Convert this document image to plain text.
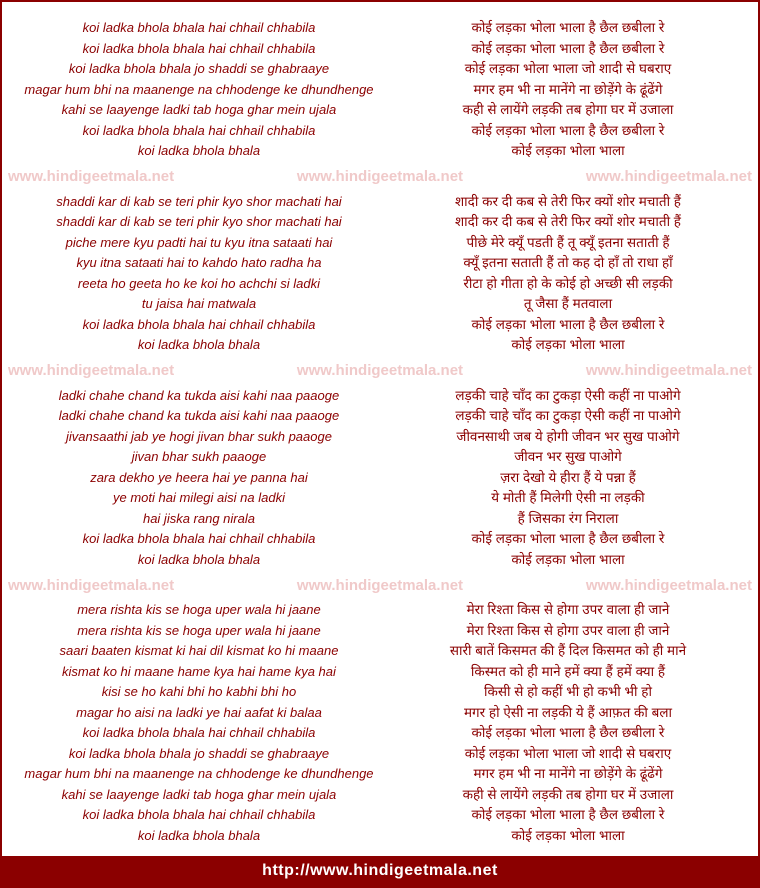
koi ladka bhola bhala hai chhail chhabila	कोई लड़का भोला भाला है छैल छबीला रे
koi ladka bhola bhala hai chhail chhabila	कोई लड़का भोला भाला है छैल छबीला रे
koi ladka bhola bhala jo shaddi se ghabraaye	कोई लड़का भोला भाला जो शादी से घबराए
magar hum bhi na maanenge na chhodenge ke dhundhenge	मगर हम भी ना मानेंगे ना छोड़ेंगे के ढूंढेंगे
kahi se laayenge ladki tab hoga ghar mein ujala	कही से लायेंगे लड़की तब होगा घर में उजाला
koi ladka bhola bhala hai chhail chhabila	कोई लड़का भोला भाला है छैल छबीला रे
koi ladka bhola bhala	कोई लड़का भोला भाला
www.hindigeetmala.net	www.hindigeetmala.net	www.hindigeetmala.net
shaddi kar di kab se teri phir kyo shor machati hai	शादी कर दी कब से तेरी फिर क्यों शोर मचाती हैं
shaddi kar di kab se teri phir kyo shor machati hai	शादी कर दी कब से तेरी फिर क्यों शोर मचाती हैं
piche mere kyu padti hai tu kyu itna sataati hai	पीछे मेरे क्यूँ पडती हैं तू क्यूँ इतना सताती हैं
kyu itna sataati hai to kahdo hato radha ha	क्यूँ इतना सताती हैं तो कह दो हाँ तो राधा हाँ
reeta ho geeta ho ke koi ho achchi si ladki	रीटा हो गीता हो के कोई हो अच्छी सी लड़की
tu jaisa hai matwala	तू जैसा हैं मतवाला
koi ladka bhola bhala hai chhail chhabila	कोई लड़का भोला भाला है छैल छबीला रे
koi ladka bhola bhala	कोई लड़का भोला भाला
www.hindigeetmala.net	www.hindigeetmala.net	www.hindigeetmala.net
ladki chahe chand ka tukda aisi kahi naa paaoge	लड़की चाहे चाँद का टुकड़ा ऐसी कहीं ना पाओगे
ladki chahe chand ka tukda aisi kahi naa paaoge	लड़की चाहे चाँद का टुकड़ा ऐसी कहीं ना पाओगे
jivansaathi jab ye hogi jivan bhar sukh paaoge	जीवनसाथी जब ये होगी जीवन भर सुख पाओगे
jivan bhar sukh paaoge	जीवन भर सुख पाओगे
zara dekho ye heera hai ye panna hai	ज़रा देखो ये हीरा हैं ये पन्ना हैं
ye moti hai milegi aisi na ladki	ये मोती हैं मिलेगी ऐसी ना लड़की
hai jiska rang nirala	हैं जिसका रंग निराला
koi ladka bhola bhala hai chhail chhabila	कोई लड़का भोला भाला है छैल छबीला रे
koi ladka bhola bhala	कोई लड़का भोला भाला
www.hindigeetmala.net	www.hindigeetmala.net	www.hindigeetmala.net
mera rishta kis se hoga uper wala hi jaane	मेरा रिश्ता किस से होगा उपर वाला ही जाने
mera rishta kis se hoga uper wala hi jaane	मेरा रिश्ता किस से होगा उपर वाला ही जाने
saari baaten kismat ki hai dil kismat ko hi maane	सारी बातें किसमत की हैं दिल किसमत को ही माने
kismat ko hi maane hame kya hai hame kya hai	किस्मत को ही माने हमें क्या हैं हमें क्या हैं
kisi se ho kahi bhi ho kabhi bhi ho	किसी से हो कहीं भी हो कभी भी हो
magar ho aisi na ladki ye hai aafat ki balaa	मगर हो ऐसी ना लड़की ये हैं आफ़त की बला
koi ladka bhola bhala hai chhail chhabila	कोई लड़का भोला भाला है छैल छबीला रे
koi ladka bhola bhala jo shaddi se ghabraaye	कोई लड़का भोला भाला जो शादी से घबराए
magar hum bhi na maanenge na chhodenge ke dhundhenge	मगर हम भी ना मानेंगे ना छोड़ेंगे के ढूंढेंगे
kahi se laayenge ladki tab hoga ghar mein ujala	कही से लायेंगे लड़की तब होगा घर में उजाला
koi ladka bhola bhala hai chhail chhabila	कोई लड़का भोला भाला है छैल छबीला रे
koi ladka bhola bhala	कोई लड़का भोला भाला
http://www.hindigeetmala.net
